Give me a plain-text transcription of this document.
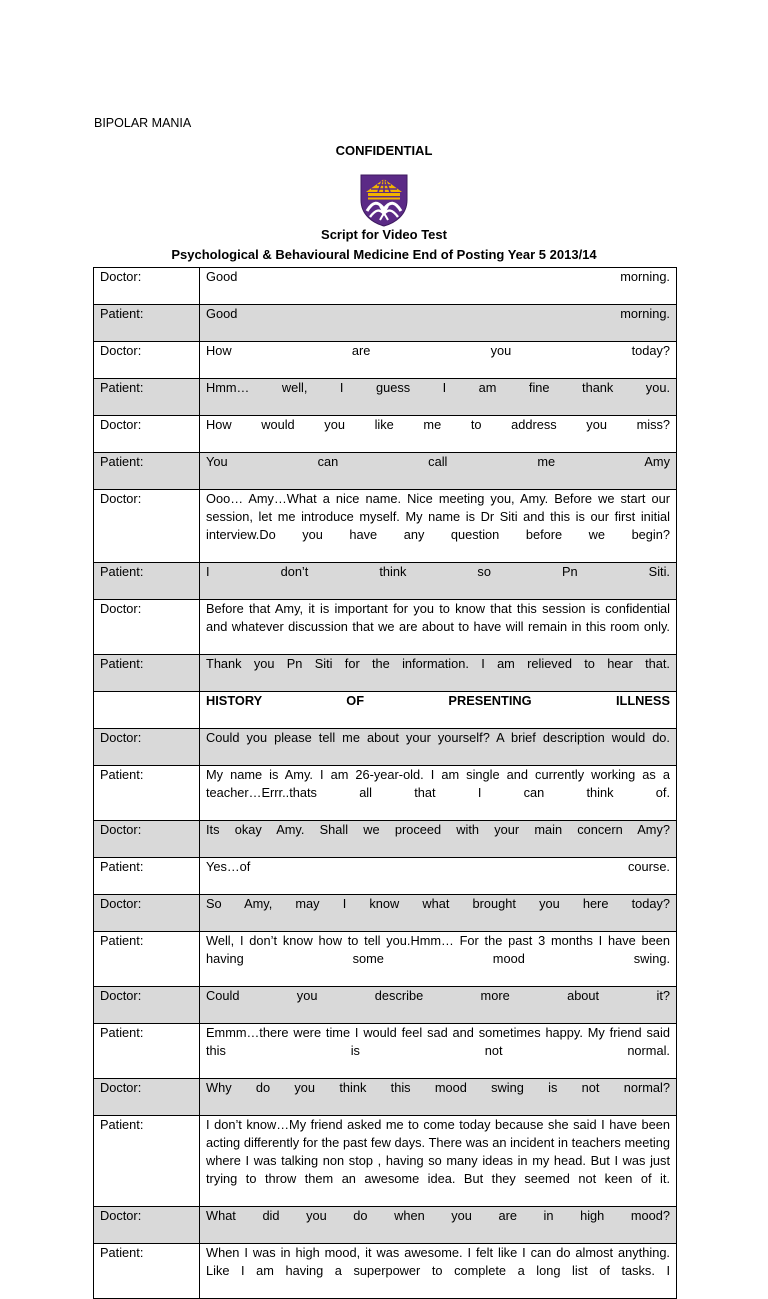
BIPOLAR MANIA
CONFIDENTIAL
Script for Video Test
Psychological & Behavioural Medicine End of Posting Year 5 2013/14
Doctor:	Good morning.
Patient:	Good morning.
Doctor:	How are you today?
Patient:	Hmm… well, I guess I am fine thank you.
Doctor:	How would you like me to address you miss?
Patient:	You can call me Amy
Doctor:	Ooo… Amy…What a nice name. Nice meeting you, Amy. Before we start our session, let me introduce myself. My name is Dr Siti and this is our first initial interview.Do you have any question before we begin?
Patient:	I don’t think so Pn Siti.
Doctor:	Before that Amy, it is important for you to know that this session is confidential and whatever discussion that we are about to have will remain in this room only.
Patient:	Thank you Pn Siti for the information. I am relieved to hear that.
	HISTORY OF PRESENTING ILLNESS
Doctor:	Could you please tell me about your yourself? A brief description would do.
Patient:	My name is Amy. I am 26-year-old. I am single and currently working as a teacher…Errr..thats all that I can think of.
Doctor:	Its okay Amy. Shall we proceed with your main concern Amy?
Patient:	Yes…of course.
Doctor:	So Amy, may I know what brought you here today?
Patient:	Well, I don’t know how to tell you.Hmm… For the past 3 months I have been having some mood swing.
Doctor:	Could you describe more about it?
Patient:	Emmm…there were time I would feel sad and sometimes happy. My friend said this is not normal.
Doctor:	Why do you think this mood swing is not normal?
Patient:	I don’t know…My friend asked me to come today because she said I have been acting differently for the past few days. There was an incident in teachers meeting where I was talking non stop , having so many ideas in my head. But I was just trying to throw them an awesome idea. But they seemed not keen of it.
Doctor:	What did you do when you are in high mood?
Patient:	When I was in high mood, it was awesome. I felt like I can do almost anything. Like I am having a superpower to complete a long list of tasks. I
